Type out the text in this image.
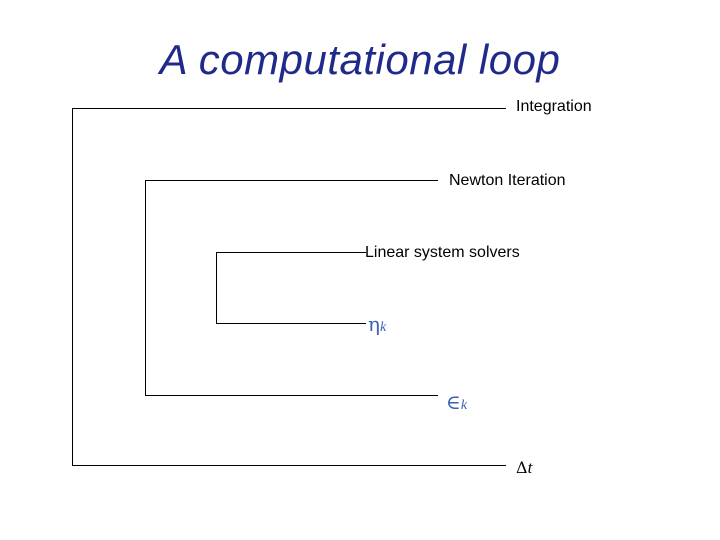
A computational loop
Integration
Newton Iteration
Linear system solvers
ηk
∈k
Δt
